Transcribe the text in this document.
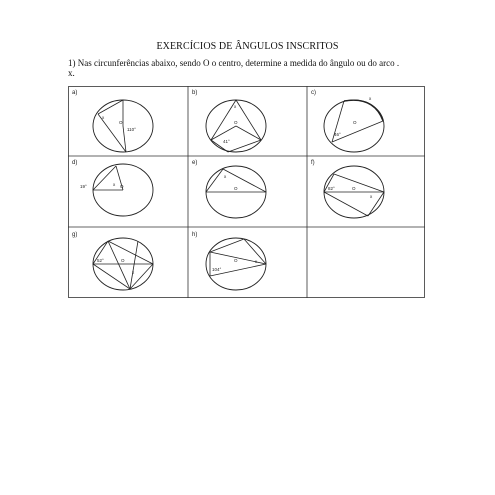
EXERCÍCIOS DE ÂNGULOS INSCRITOS
1) Nas circunferências abaixo, sendo O o centro, determine a medida do ângulo ou do arco .
x.
a)
O
x
110°
b)
O
x
41°
c)
O
x
46°
d)
O
x
19°
e)
O
x
f)
O
x
82°
g)
O
x
52°
h)
O	x
104°
